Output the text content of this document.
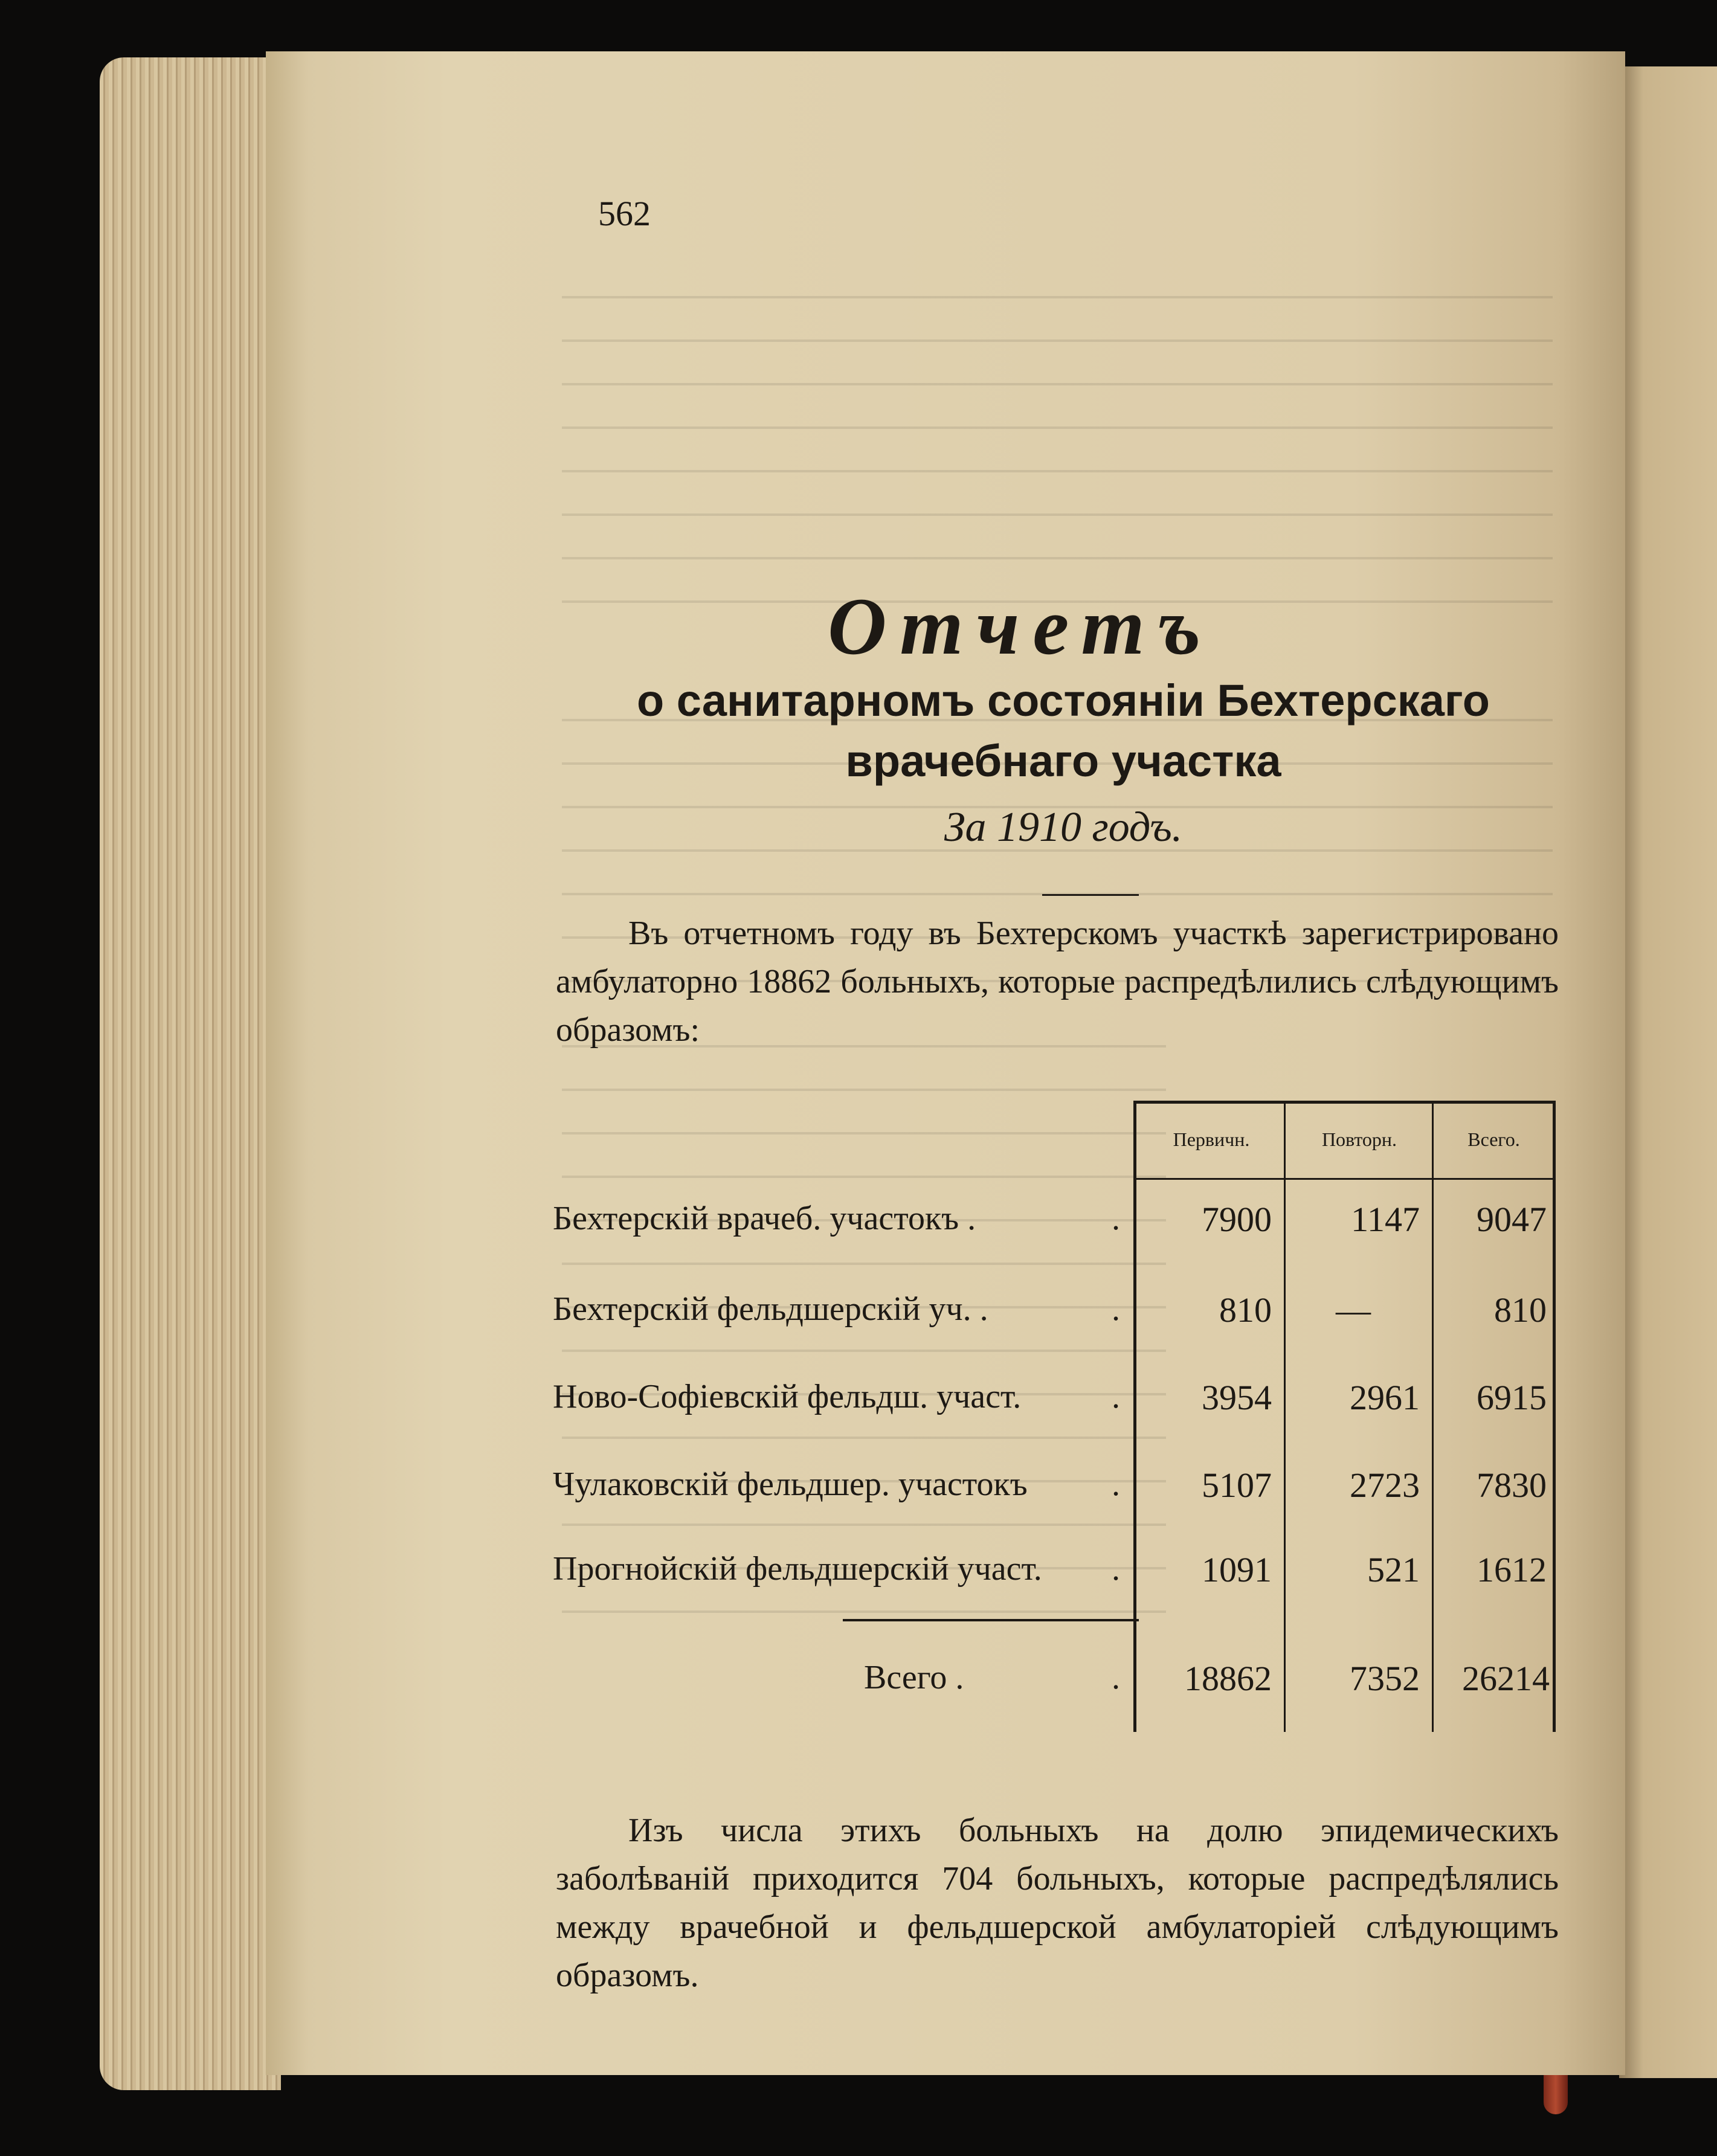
562
Отчетъ
о санитарномъ состоянiи Бехтерскаго врачебнаго участка
За 1910 годъ.
Въ отчетномъ году въ Бехтерскомъ участкѣ зарегистрировано амбулаторно 18862 больныхъ, которые распредѣлились слѣдующимъ образомъ:
Первичн.	Повторн.	Всего.
Бехтерскiй врачеб. участокъ .	.	7900	1147	9047
Бехтерскiй фельдшерскiй уч. .	.	810	—	810
Ново-Софiевскiй фельдш. участ.	.	3954	2961	6915
Чулаковскiй фельдшер. участокъ .	5107	2723	7830
Прогнойскiй фельдшерскiй участ. .	1091	521	1612
Всего .	.	18862	7352	26214
Изъ числа этихъ больныхъ на долю эпидемическихъ заболѣванiй приходится 704 больныхъ, которые распредѣлялись между врачебной и фельдшерской амбулаторiей слѣдующимъ образомъ.
